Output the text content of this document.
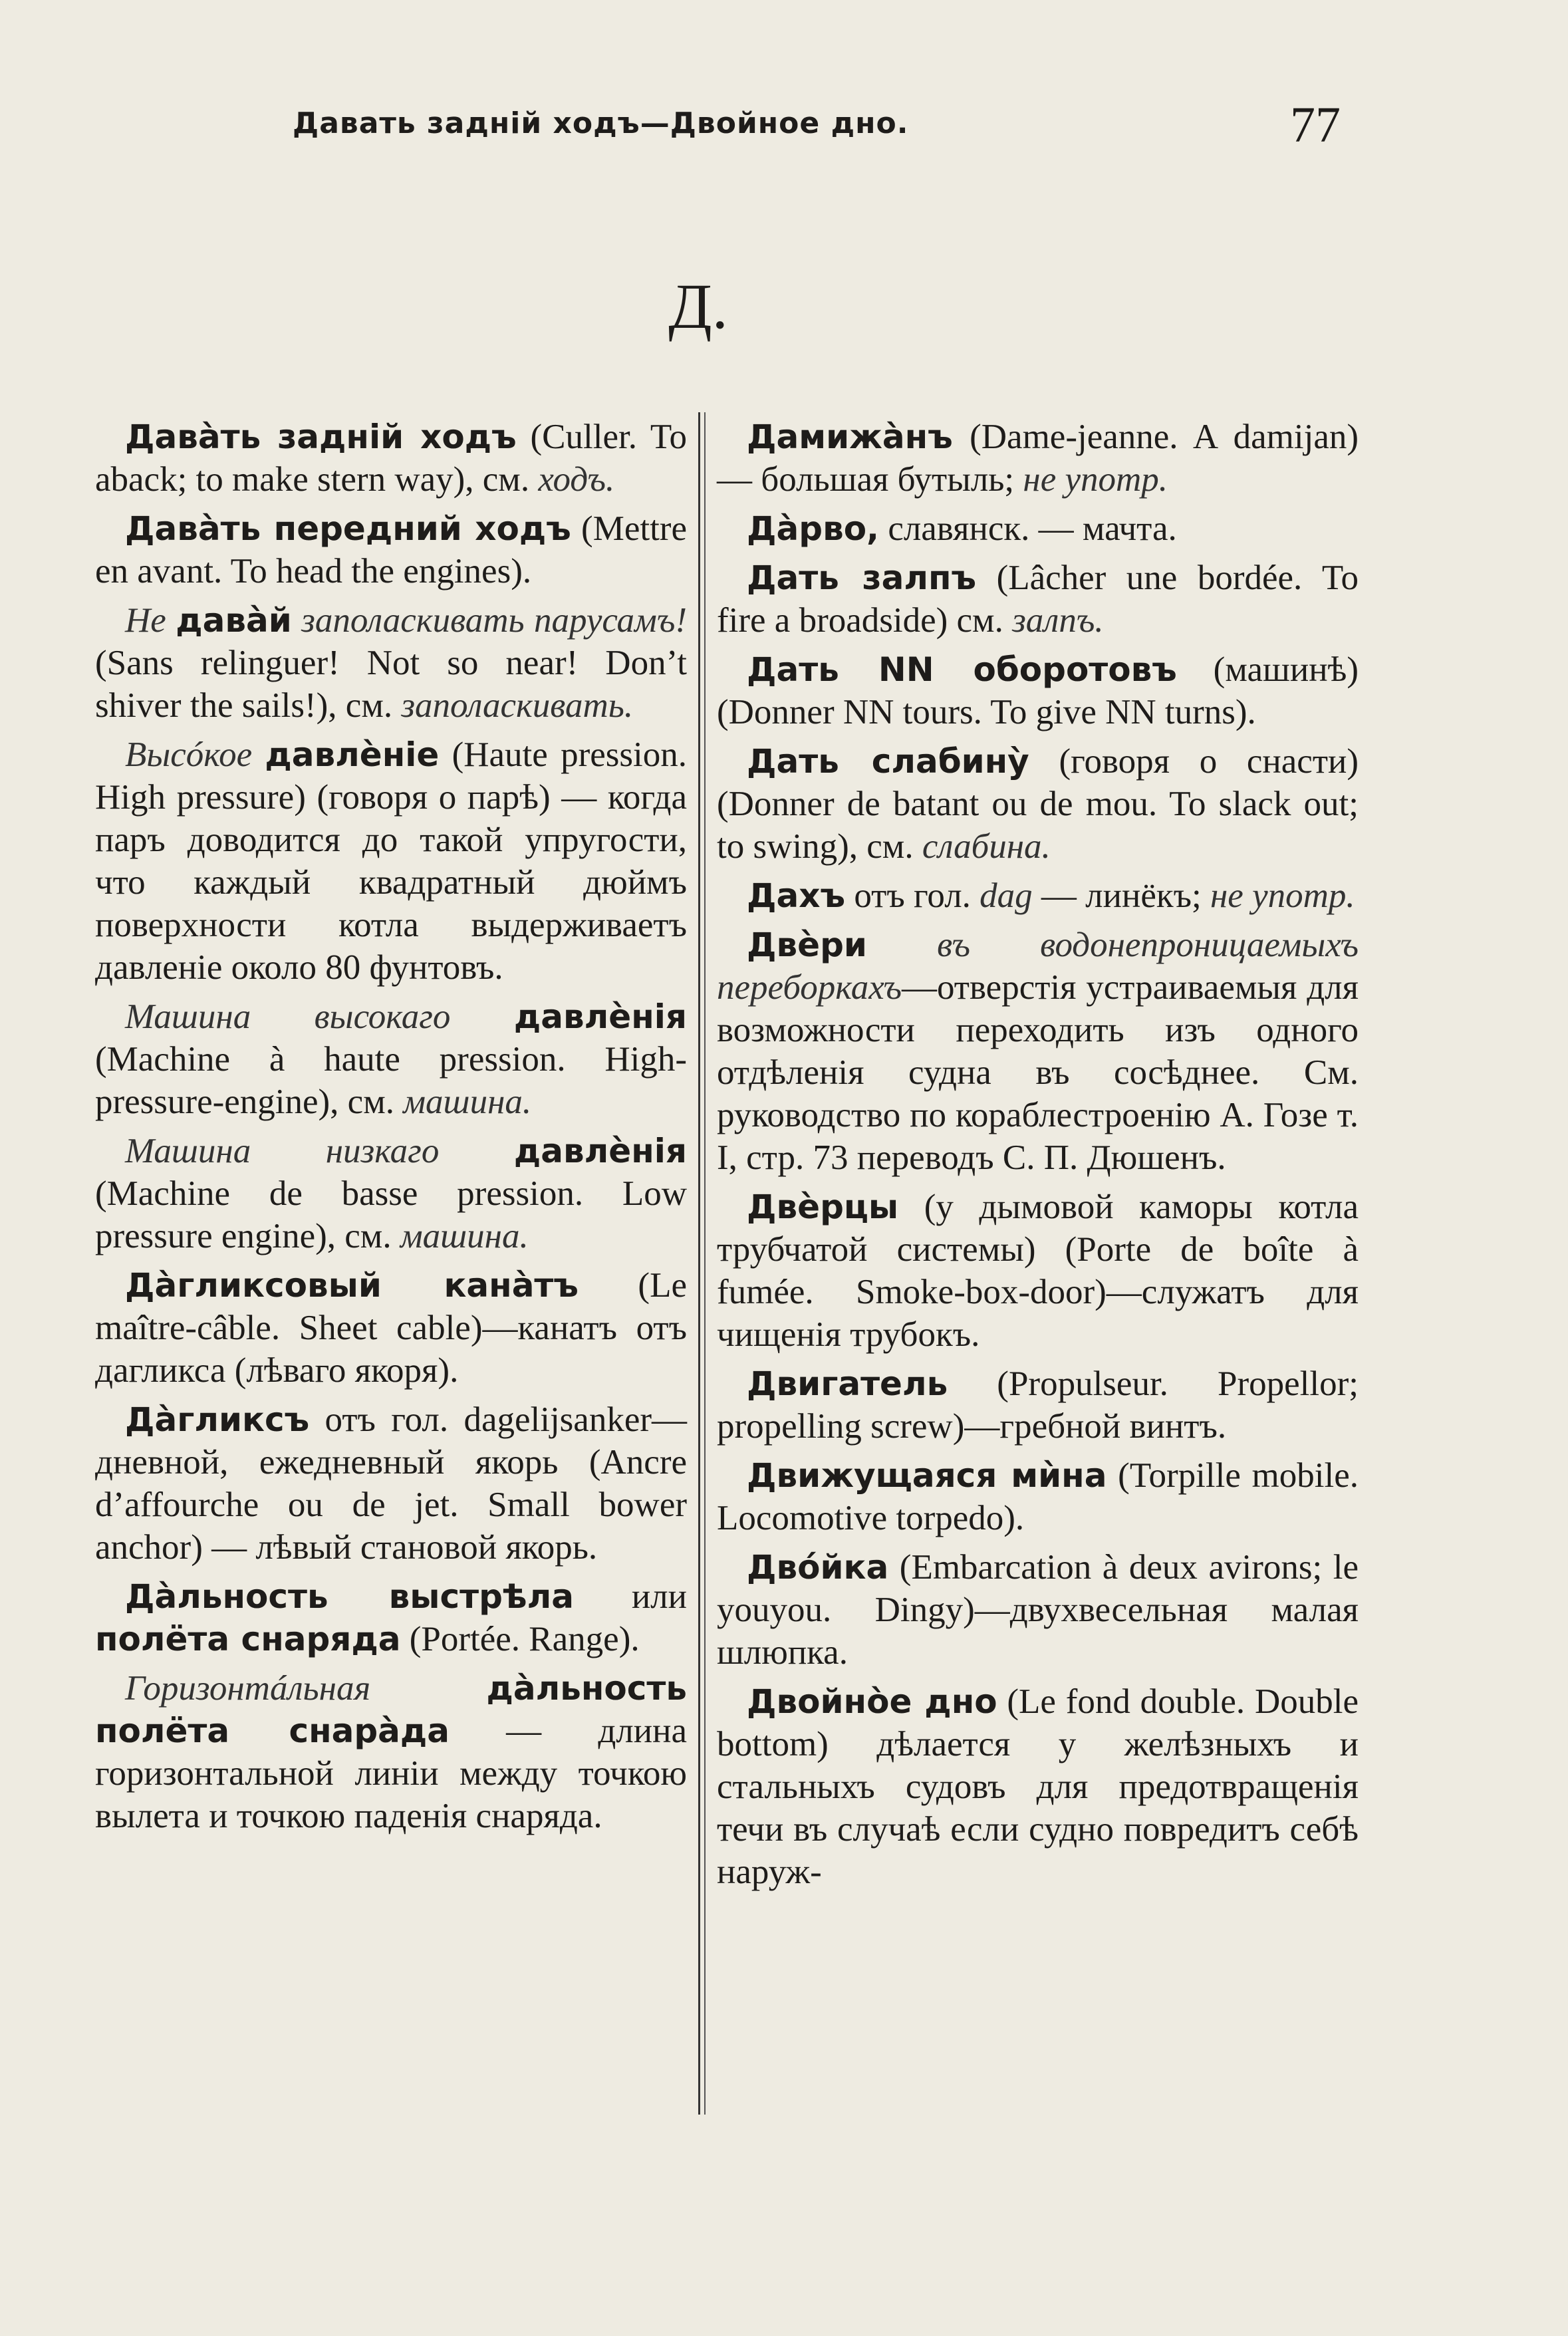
Давать заднiй ходъ—Двойное дно.	77
Д.
Давàть заднiй ходъ (Culler. To aback; to make stern way), см. ходъ.
Давàть передний ходъ (Mettre en avant. To head the engines).
Не давàй заполаскивать парусамъ! (Sans relinguer! Not so near! Don’t shiver the sails!), см. заполаскивать.
Высóкое давлѐнiе (Haute pression. High pressure) (говоря о парѣ) — когда паръ доводится до такой упругости, что каждый квадратный дюймъ поверхности котла выдерживаетъ давленiе около 80 фунтовъ.
Машина высокаго давлѐнiя (Machine à haute pression. High-pressure-engine), см. машина.
Машина низкаго давлѐнiя (Machine de basse pression. Low pressure engine), см. машина.
Дàгликсовый канàтъ (Le maître-câble. Sheet cable)—канатъ отъ дагликса (лѣваго якоря).
Дàгликсъ отъ гол. dagelijsanker—дневной, ежедневный якорь (Ancre d’affourche ou de jet. Small bower anchor) — лѣвый становой якорь.
Дàльность выстрѣла или полёта снаряда (Portée. Range).
Горизонтáльная дàльность полёта снарàда — длина горизонтальной линiи между точкою вылета и точкою паденiя снаряда.
Дамижàнъ (Dame-jeanne. A damijan) — большая бутыль; не употр.
Дàрво, славянск. — мачта.
Дать залпъ (Lâcher une bordée. To fire a broadside) см. залпъ.
Дать NN оборотовъ (машинѣ) (Donner NN tours. To give NN turns).
Дать слабинỳ (говоря о снасти) (Donner de batant ou de mou. To slack out; to swing), см. слабина.
Дахъ отъ гол. dag — линёкъ; не употр.
Двѐри въ водонепроницаемыхъ переборкахъ—отверстiя устраиваемыя для возможности переходить изъ одного отдѣленiя судна въ сосѣднее. См. руководство по кораблестроенiю А. Гозе т. I, стр. 73 переводъ С. П. Дюшенъ.
Двѐрцы (у дымовой каморы котла трубчатой системы) (Porte de boîte à fumée. Smoke-box-door)—служатъ для чищенiя трубокъ.
Двигатель (Propulseur. Propellor; propelling screw)—гребной винтъ.
Движущаяся мѝна (Torpille mobile. Locomotive torpedo).
Двóйка (Embarcation à deux avirons; le youyou. Dingy)—двухвесельная малая шлюпка.
Двойнòе дно (Le fond double. Double bottom) дѣлается у желѣзныхъ и стальныхъ судовъ для предотвращенiя течи въ случаѣ если судно повредитъ себѣ наруж-
